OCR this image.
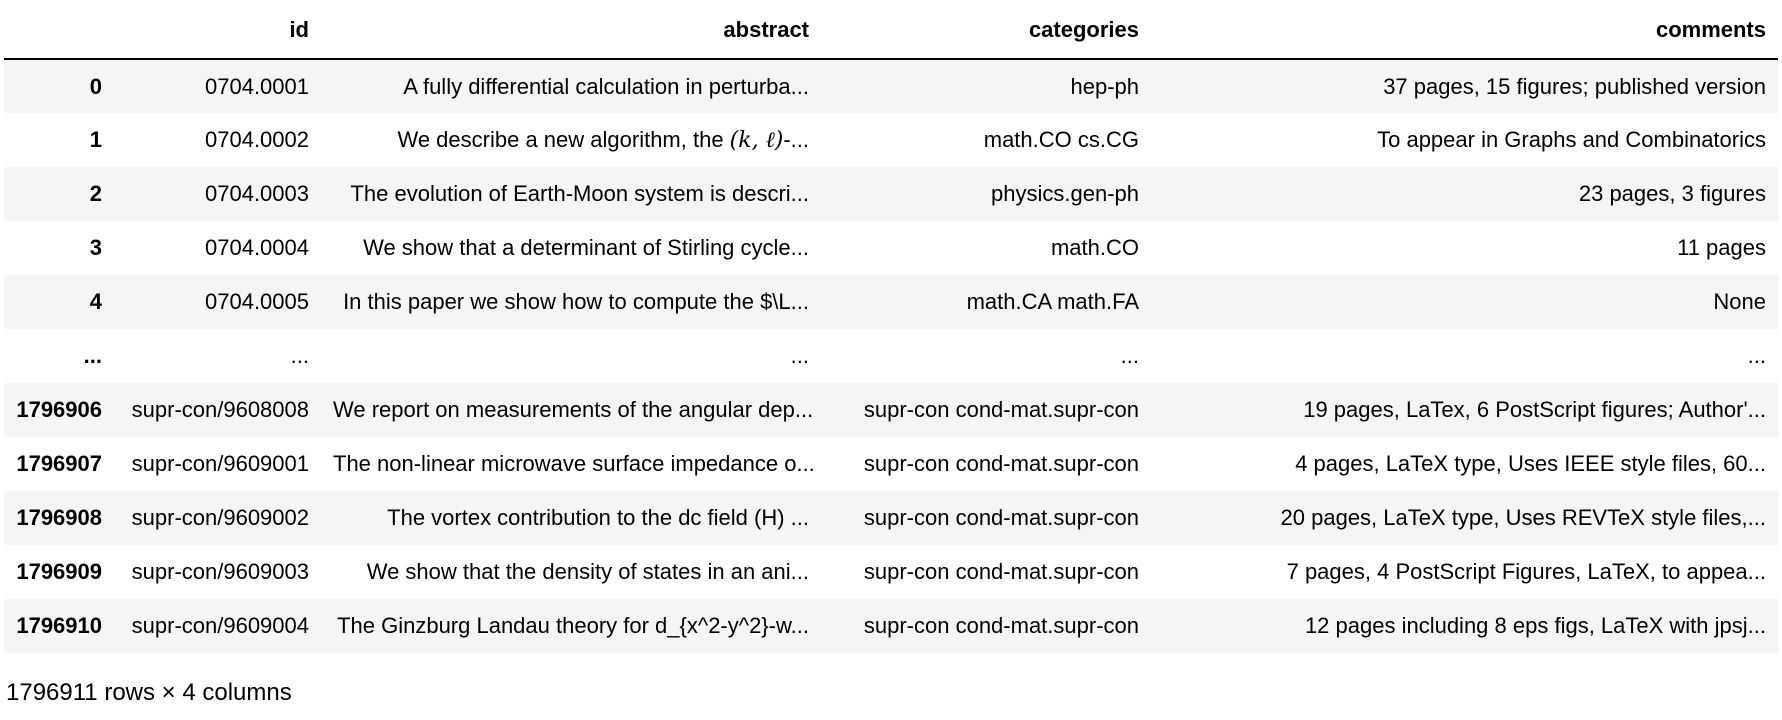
	id	abstract	categories	comments
0	0704.0001	A fully differential calculation in perturba...	hep-ph	37 pages, 15 figures; published version
1	0704.0002	We describe a new algorithm, the (k, ℓ)-...	math.CO cs.CG	To appear in Graphs and Combinatorics
2	0704.0003	The evolution of Earth-Moon system is descri...	physics.gen-ph	23 pages, 3 figures
3	0704.0004	We show that a determinant of Stirling cycle...	math.CO	11 pages
4	0704.0005	In this paper we show how to compute the $\L...	math.CA math.FA	None
...	...	...	...	...
1796906	supr-con/9608008	We report on measurements of the angular dep...	supr-con cond-mat.supr-con	19 pages, LaTex, 6 PostScript figures; Author'...
1796907	supr-con/9609001	The non-linear microwave surface impedance o...	supr-con cond-mat.supr-con	4 pages, LaTeX type, Uses IEEE style files, 60...
1796908	supr-con/9609002	The vortex contribution to the dc field (H) ...	supr-con cond-mat.supr-con	20 pages, LaTeX type, Uses REVTeX style files,...
1796909	supr-con/9609003	We show that the density of states in an ani...	supr-con cond-mat.supr-con	7 pages, 4 PostScript Figures, LaTeX, to appea...
1796910	supr-con/9609004	The Ginzburg Landau theory for d_{x^2-y^2}-w...	supr-con cond-mat.supr-con	12 pages including 8 eps figs, LaTeX with jpsj...
1796911 rows × 4 columns
